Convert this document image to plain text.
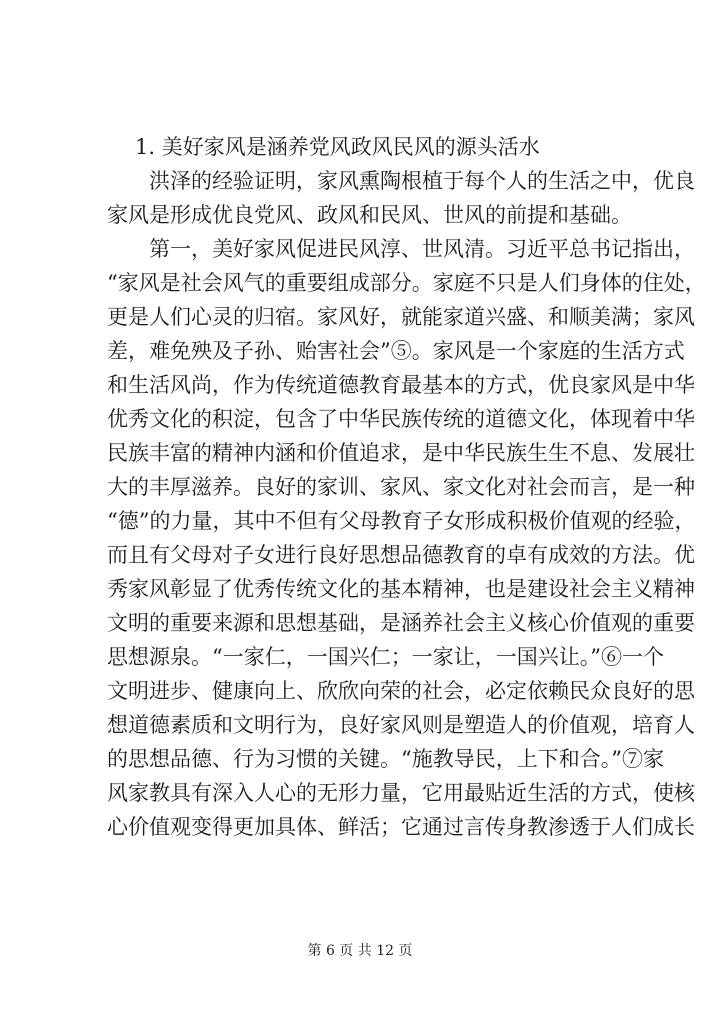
1. 美好家风是涵养党风政风民风的源头活水

洪泽的经验证明，家风熏陶根植于每个人的生活之中，优良

家风是形成优良党风、政风和民风、世风的前提和基础。

第一，美好家风促进民风淳、世风清。习近平总书记指出，

“家风是社会风气的重要组成部分。家庭不只是人们身体的住处，

更是人们心灵的归宿。家风好，就能家道兴盛、和顺美满；家风

差，难免殃及子孙、贻害社会”⑤。家风是一个家庭的生活方式

和生活风尚，作为传统道德教育最基本的方式，优良家风是中华

优秀文化的积淀，包含了中华民族传统的道德文化，体现着中华

民族丰富的精神内涵和价值追求，是中华民族生生不息、发展壮

大的丰厚滋养。良好的家训、家风、家文化对社会而言，是一种

“德”的力量，其中不但有父母教育子女形成积极价值观的经验，

而且有父母对子女进行良好思想品德教育的卓有成效的方法。优

秀家风彰显了优秀传统文化的基本精神，也是建设社会主义精神

文明的重要来源和思想基础，是涵养社会主义核心价值观的重要

思想源泉。“一家仁，一国兴仁；一家让，一国兴让。”⑥一个

文明进步、健康向上、欣欣向荣的社会，必定依赖民众良好的思

想道德素质和文明行为，良好家风则是塑造人的价值观，培育人

的思想品德、行为习惯的关键。“施教导民，上下和合。”⑦家

风家教具有深入人心的无形力量，它用最贴近生活的方式，使核

心价值观变得更加具体、鲜活；它通过言传身教渗透于人们成长

第 6 页 共 12 页
